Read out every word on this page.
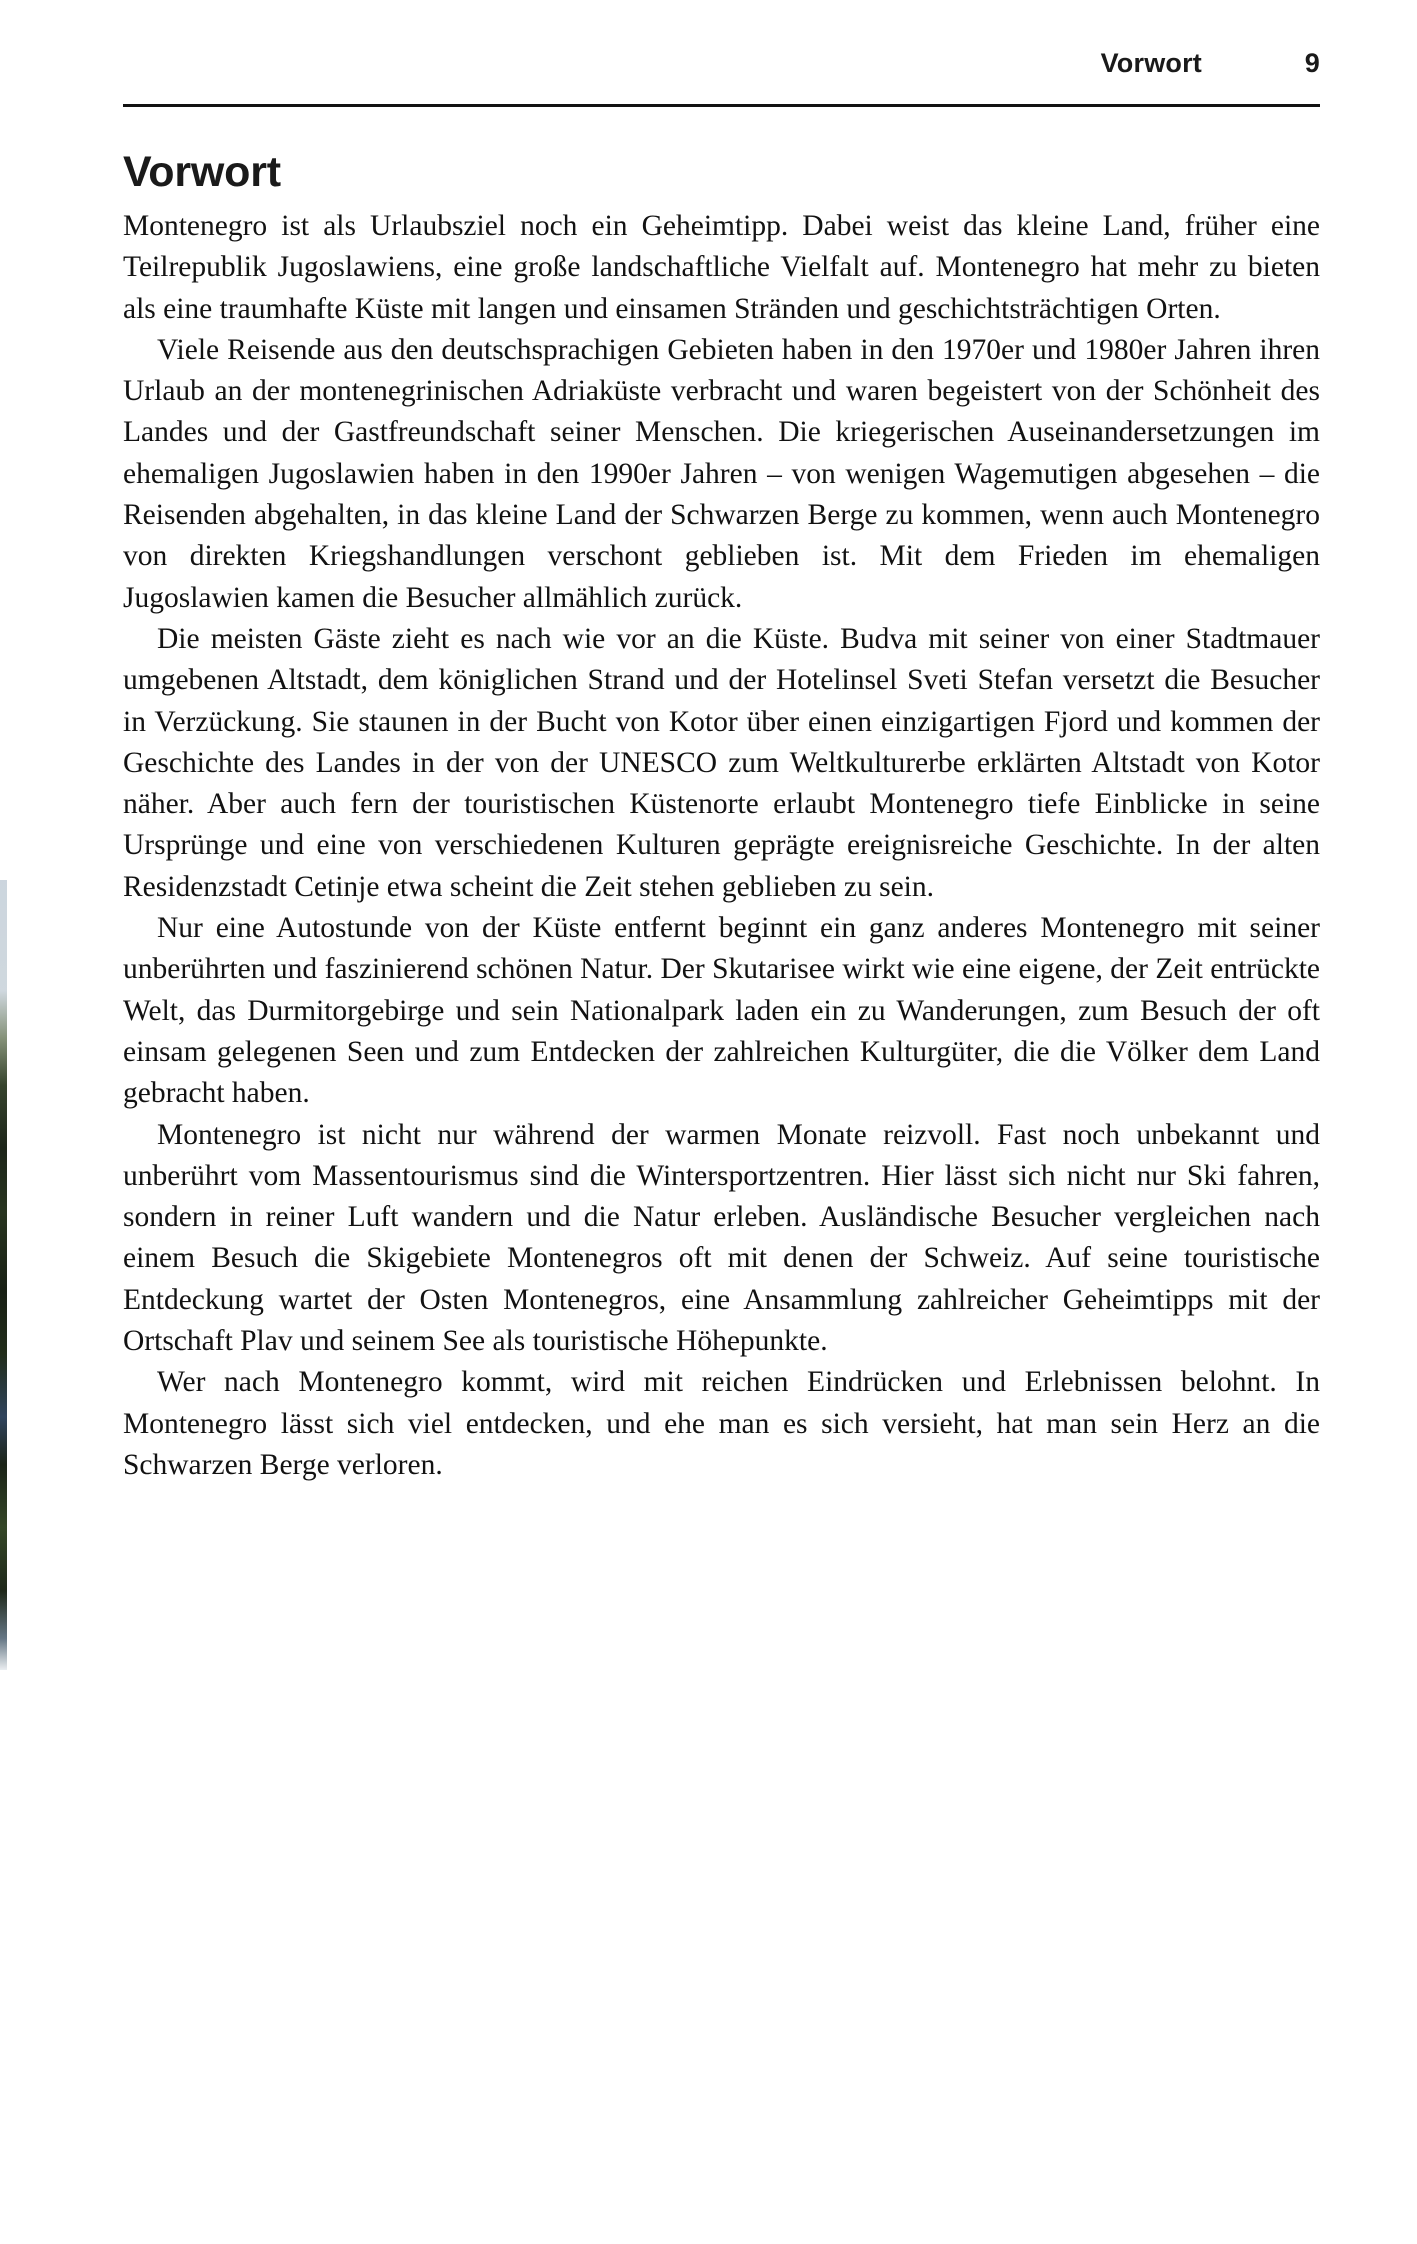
Vorwort	9
Vorwort

Montenegro ist als Urlaubsziel noch ein Geheimtipp. Dabei weist das kleine Land, früher eine Teilrepublik Jugoslawiens, eine große landschaftliche Vielfalt auf. Montenegro hat mehr zu bieten als eine traumhafte Küste mit langen und einsamen Stränden und geschichtsträchtigen Orten.

Viele Reisende aus den deutschsprachigen Gebieten haben in den 1970er und 1980er Jahren ihren Urlaub an der montenegrinischen Adriaküste verbracht und waren begeistert von der Schönheit des Landes und der Gastfreundschaft seiner Menschen. Die kriegerischen Auseinandersetzungen im ehemaligen Jugoslawien haben in den 1990er Jahren – von wenigen Wagemutigen abgesehen – die Reisenden abgehalten, in das kleine Land der Schwarzen Berge zu kommen, wenn auch Montenegro von direkten Kriegshandlungen verschont geblieben ist. Mit dem Frieden im ehemaligen Jugoslawien kamen die Besucher allmählich zurück.

Die meisten Gäste zieht es nach wie vor an die Küste. Budva mit seiner von einer Stadtmauer umgebenen Altstadt, dem königlichen Strand und der Hotelinsel Sveti Stefan versetzt die Besucher in Verzückung. Sie staunen in der Bucht von Kotor über einen einzigartigen Fjord und kommen der Geschichte des Landes in der von der UNESCO zum Weltkulturerbe erklärten Altstadt von Kotor näher. Aber auch fern der touristischen Küstenorte erlaubt Montenegro tiefe Einblicke in seine Ursprünge und eine von verschiedenen Kulturen geprägte ereignisreiche Geschichte. In der alten Residenzstadt Cetinje etwa scheint die Zeit stehen geblieben zu sein.

Nur eine Autostunde von der Küste entfernt beginnt ein ganz anderes Montenegro mit seiner unberührten und faszinierend schönen Natur. Der Skutarisee wirkt wie eine eigene, der Zeit entrückte Welt, das Durmitorgebirge und sein Nationalpark laden ein zu Wanderungen, zum Besuch der oft einsam gelegenen Seen und zum Entdecken der zahlreichen Kulturgüter, die die Völker dem Land gebracht haben.

Montenegro ist nicht nur während der warmen Monate reizvoll. Fast noch unbekannt und unberührt vom Massentourismus sind die Wintersportzentren. Hier lässt sich nicht nur Ski fahren, sondern in reiner Luft wandern und die Natur erleben. Ausländische Besucher vergleichen nach einem Besuch die Skigebiete Montenegros oft mit denen der Schweiz. Auf seine touristische Entdeckung wartet der Osten Montenegros, eine Ansammlung zahlreicher Geheimtipps mit der Ortschaft Plav und seinem See als touristische Höhepunkte.

Wer nach Montenegro kommt, wird mit reichen Eindrücken und Erlebnissen belohnt. In Montenegro lässt sich viel entdecken, und ehe man es sich versieht, hat man sein Herz an die Schwarzen Berge verloren.
